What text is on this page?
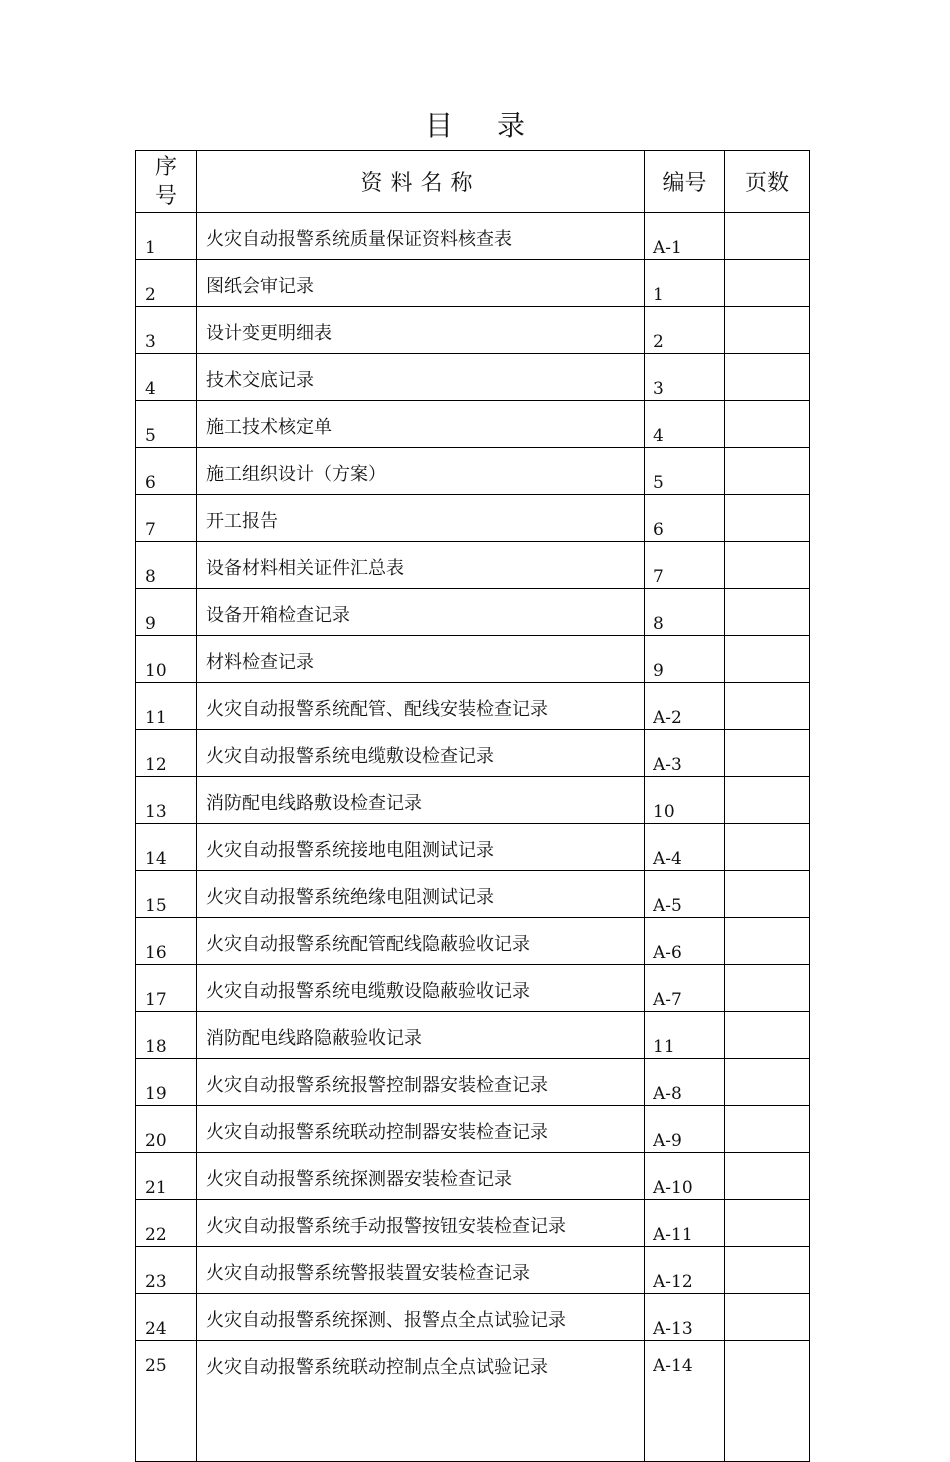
目 录
序
号	资料名称	编号	页数
1	火灾自动报警系统质量保证资料核查表	A-1	
2	图纸会审记录	1	
3	设计变更明细表	2	
4	技术交底记录	3	
5	施工技术核定单	4	
6	施工组织设计（方案）	5	
7	开工报告	6	
8	设备材料相关证件汇总表	7	
9	设备开箱检查记录	8	
10	材料检查记录	9	
11	火灾自动报警系统配管、配线安装检查记录	A-2	
12	火灾自动报警系统电缆敷设检查记录	A-3	
13	消防配电线路敷设检查记录	10	
14	火灾自动报警系统接地电阻测试记录	A-4	
15	火灾自动报警系统绝缘电阻测试记录	A-5	
16	火灾自动报警系统配管配线隐蔽验收记录	A-6	
17	火灾自动报警系统电缆敷设隐蔽验收记录	A-7	
18	消防配电线路隐蔽验收记录	11	
19	火灾自动报警系统报警控制器安装检查记录	A-8	
20	火灾自动报警系统联动控制器安装检查记录	A-9	
21	火灾自动报警系统探测器安装检查记录	A-10	
22	火灾自动报警系统手动报警按钮安装检查记录	A-11	
23	火灾自动报警系统警报装置安装检查记录	A-12	
24	火灾自动报警系统探测、报警点全点试验记录	A-13	
25	火灾自动报警系统联动控制点全点试验记录	A-14	
